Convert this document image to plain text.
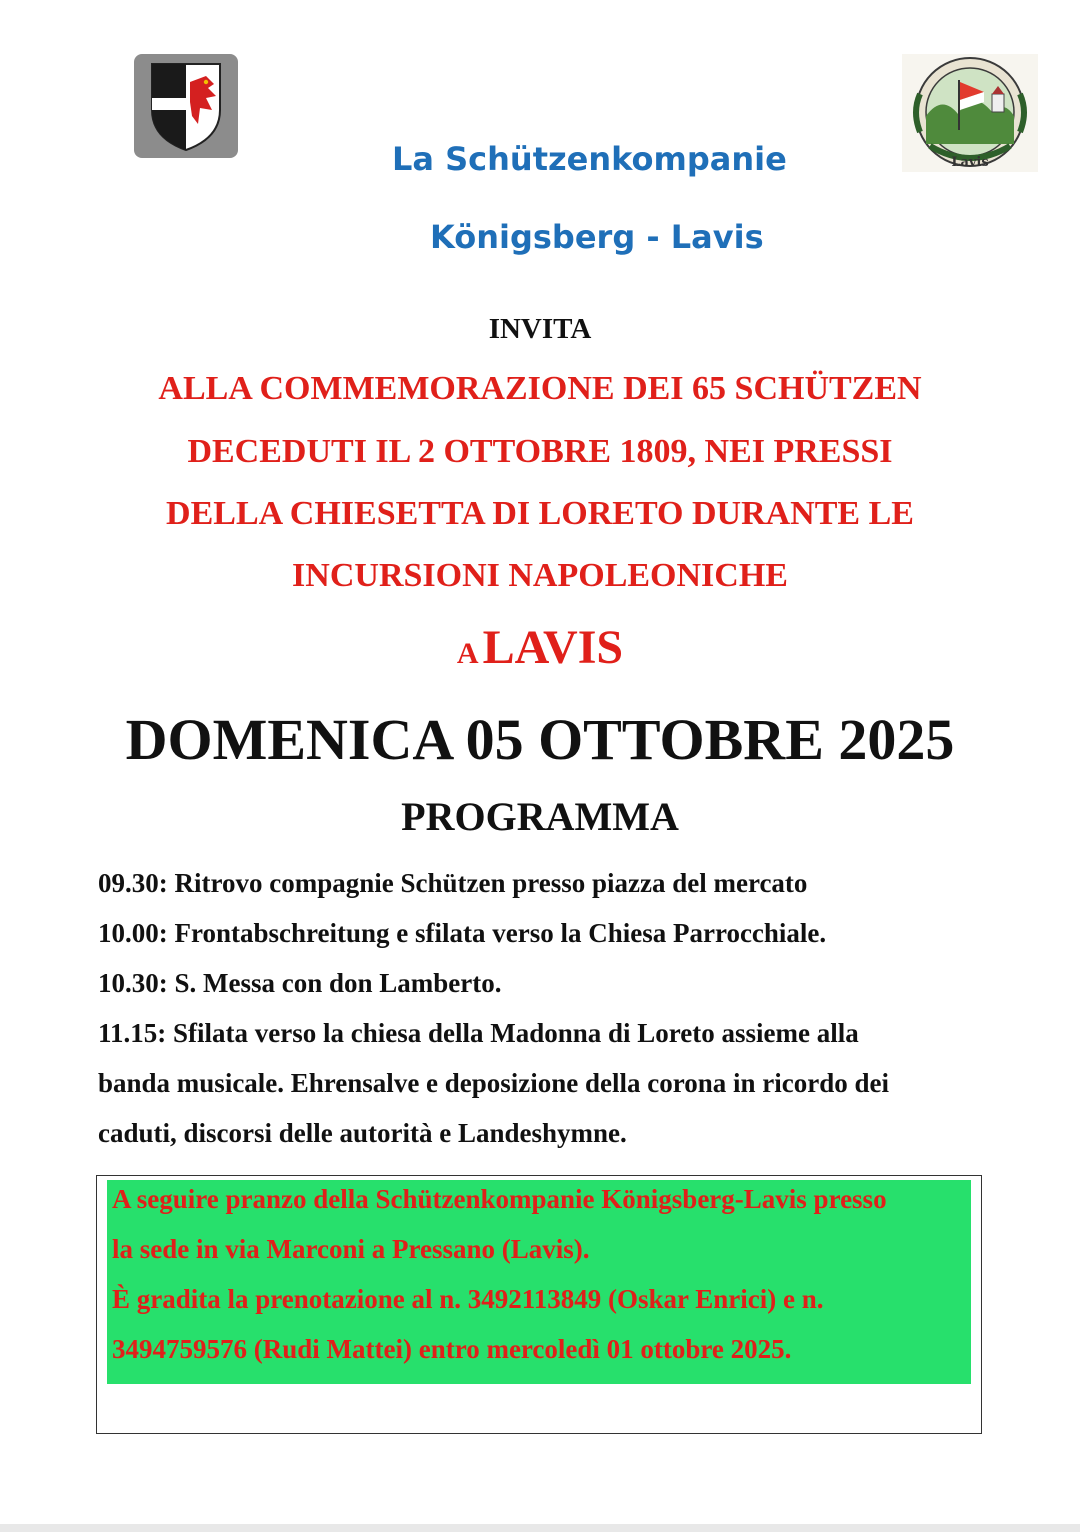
Lavis
La Schützenkompanie
Königsberg - Lavis
INVITA
ALLA COMMEMORAZIONE DEI 65 SCHÜTZEN
DECEDUTI IL 2 OTTOBRE 1809, NEI PRESSI
DELLA CHIESETTA DI LORETO DURANTE LE
INCURSIONI NAPOLEONICHE
A LAVIS
DOMENICA 05 OTTOBRE 2025
PROGRAMMA
09.30: Ritrovo compagnie Schützen presso piazza del mercato
10.00: Frontabschreitung e sfilata verso la Chiesa Parrocchiale.
10.30: S. Messa con don Lamberto.
11.15: Sfilata verso la chiesa della Madonna di Loreto assieme alla
banda musicale. Ehrensalve e deposizione della corona in ricordo dei
caduti, discorsi delle autorità e Landeshymne.
A seguire pranzo della Schützenkompanie Königsberg-Lavis presso
la sede in via Marconi a Pressano (Lavis).
È gradita la prenotazione al n. 3492113849 (Oskar Enrici) e n.
3494759576 (Rudi Mattei) entro mercoledì 01 ottobre 2025.
